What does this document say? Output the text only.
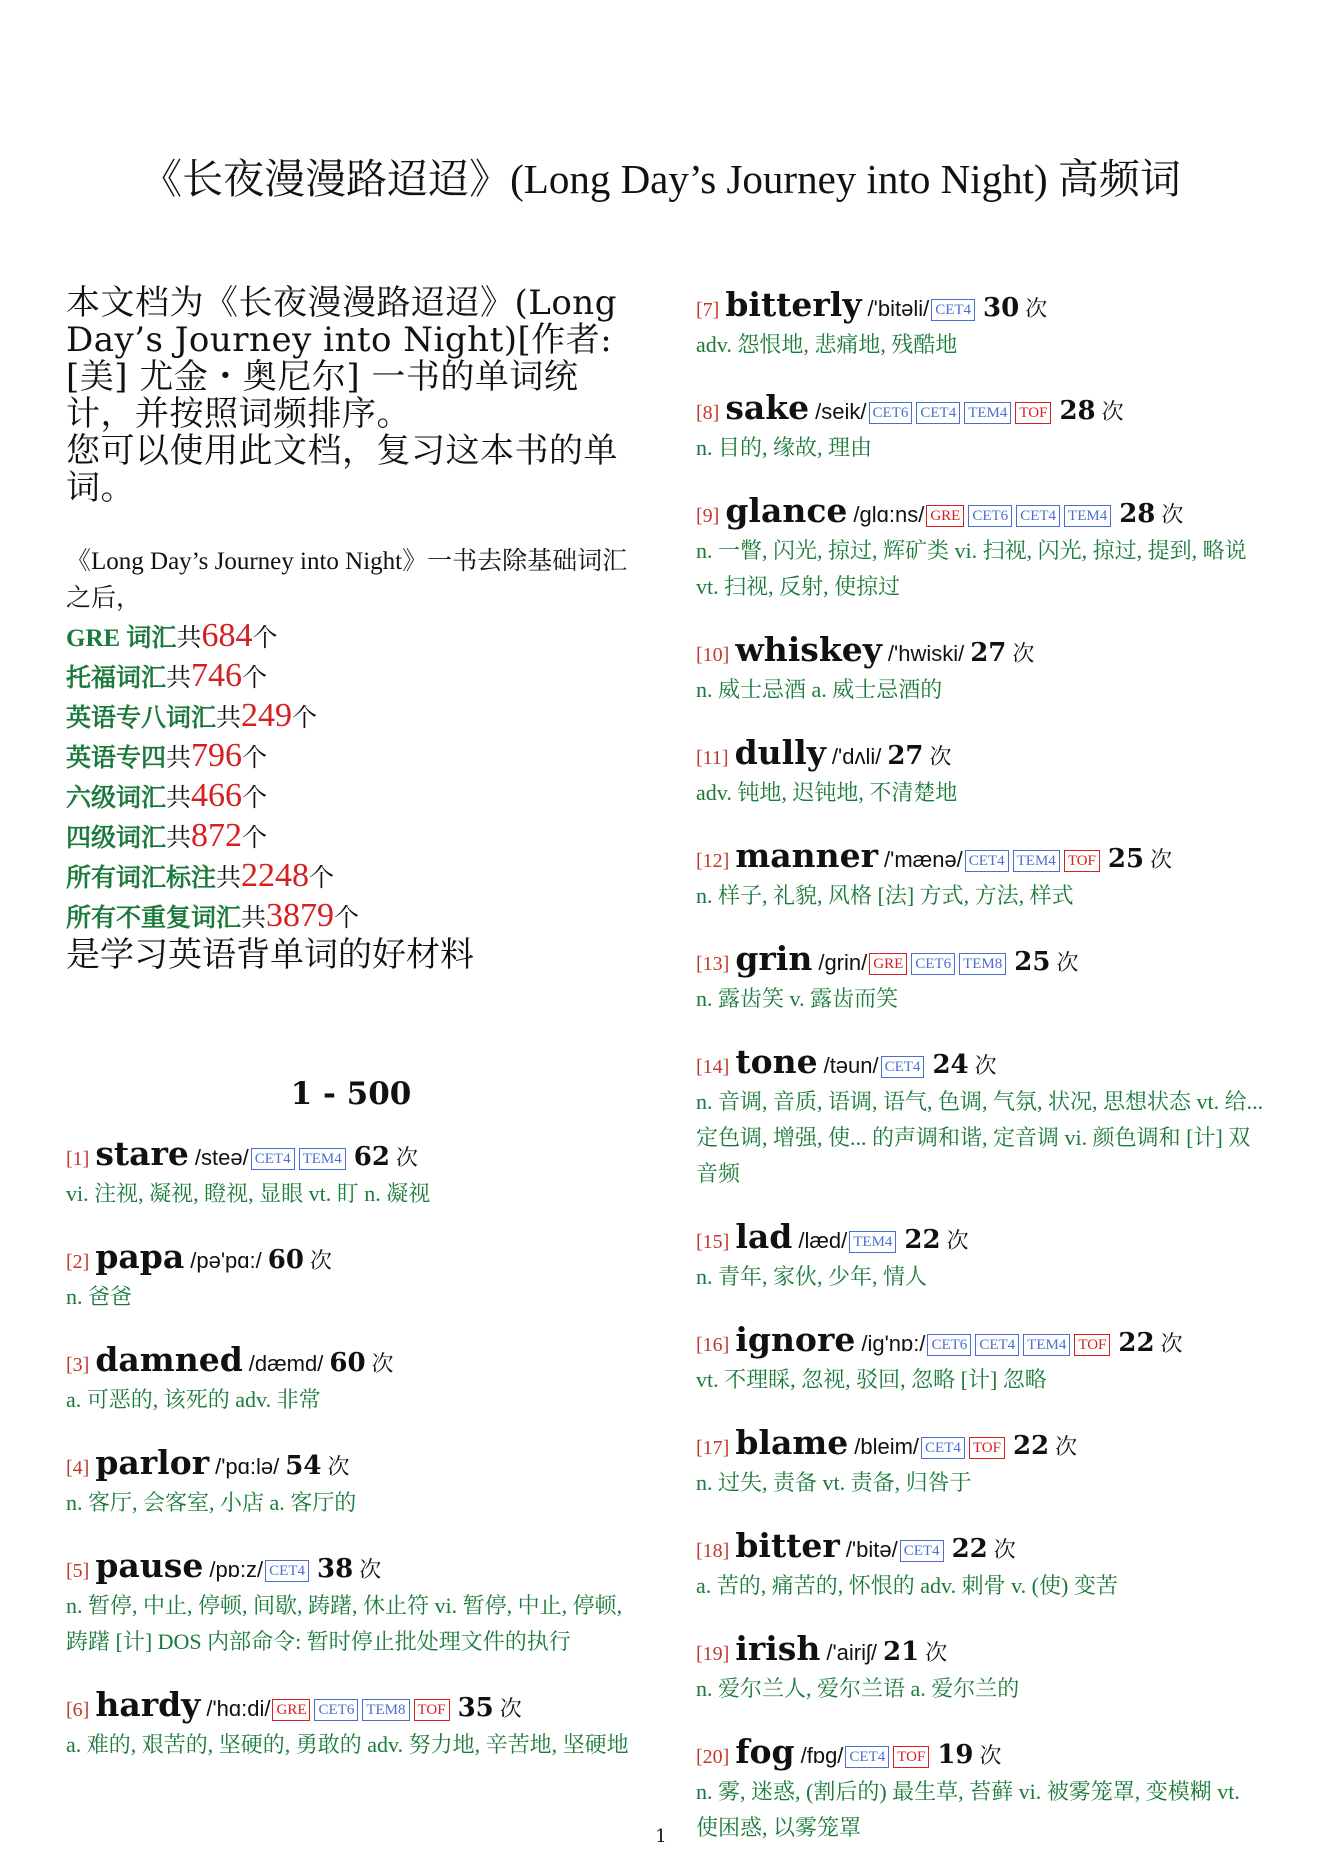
《长夜漫漫路迢迢》(Long Day’s Journey into Night) 高频词
本文档为《长夜漫漫路迢迢》(Long Day’s Journey into Night)[作者: [美] 尤金・奥尼尔] 一书的单词统计，并按照词频排序。
您可以使用此文档，复习这本书的单词。
《Long Day’s Journey into Night》一书去除基础词汇之后，
GRE 词汇共684个
托福词汇共746个
英语专八词汇共249个
英语专四共796个
六级词汇共466个
四级词汇共872个
所有词汇标注共2248个
所有不重复词汇共3879个
是学习英语背单词的好材料
1 - 500
[1] stare /steə/ CET4 TEM4 62 次
vi. 注视, 凝视, 瞪视, 显眼 vt. 盯 n. 凝视
[2] papa /pə'pɑ:/ 60 次
n. 爸爸
[3] damned /dæmd/ 60 次
a. 可恶的, 该死的 adv. 非常
[4] parlor /'pɑ:lə/ 54 次
n. 客厅, 会客室, 小店 a. 客厅的
[5] pause /pɒ:z/ CET4 38 次
n. 暂停, 中止, 停顿, 间歇, 踌躇, 休止符 vi. 暂停, 中止, 停顿, 踌躇 [计] DOS 内部命令: 暂时停止批处理文件的执行
[6] hardy /'hɑ:di/ GRE CET6 TEM8 TOF 35 次
a. 难的, 艰苦的, 坚硬的, 勇敢的 adv. 努力地, 辛苦地, 坚硬地
[7] bitterly /'bitəli/ CET4 30 次
adv. 怨恨地, 悲痛地, 残酷地
[8] sake /seik/ CET6 CET4 TEM4 TOF 28 次
n. 目的, 缘故, 理由
[9] glance /glɑ:ns/ GRE CET6 CET4 TEM4 28 次
n. 一瞥, 闪光, 掠过, 辉矿类 vi. 扫视, 闪光, 掠过, 提到, 略说 vt. 扫视, 反射, 使掠过
[10] whiskey /'hwiski/ 27 次
n. 威士忌酒 a. 威士忌酒的
[11] dully /'dʌli/ 27 次
adv. 钝地, 迟钝地, 不清楚地
[12] manner /'mænə/ CET4 TEM4 TOF 25 次
n. 样子, 礼貌, 风格 [法] 方式, 方法, 样式
[13] grin /grin/ GRE CET6 TEM8 25 次
n. 露齿笑 v. 露齿而笑
[14] tone /təun/ CET4 24 次
n. 音调, 音质, 语调, 语气, 色调, 气氛, 状况, 思想状态 vt. 给... 定色调, 增强, 使... 的声调和谐, 定音调 vi. 颜色调和 [计] 双音频
[15] lad /læd/ TEM4 22 次
n. 青年, 家伙, 少年, 情人
[16] ignore /ig'nɒ:/ CET6 CET4 TEM4 TOF 22 次
vt. 不理睬, 忽视, 驳回, 忽略 [计] 忽略
[17] blame /bleim/ CET4 TOF 22 次
n. 过失, 责备 vt. 责备, 归咎于
[18] bitter /'bitə/ CET4 22 次
a. 苦的, 痛苦的, 怀恨的 adv. 刺骨 v. (使) 变苦
[19] irish /'airiʃ/ 21 次
n. 爱尔兰人, 爱尔兰语 a. 爱尔兰的
[20] fog /fɒg/ CET4 TOF 19 次
n. 雾, 迷惑, (割后的) 最生草, 苔藓 vi. 被雾笼罩, 变模糊 vt. 使困惑, 以雾笼罩
1
